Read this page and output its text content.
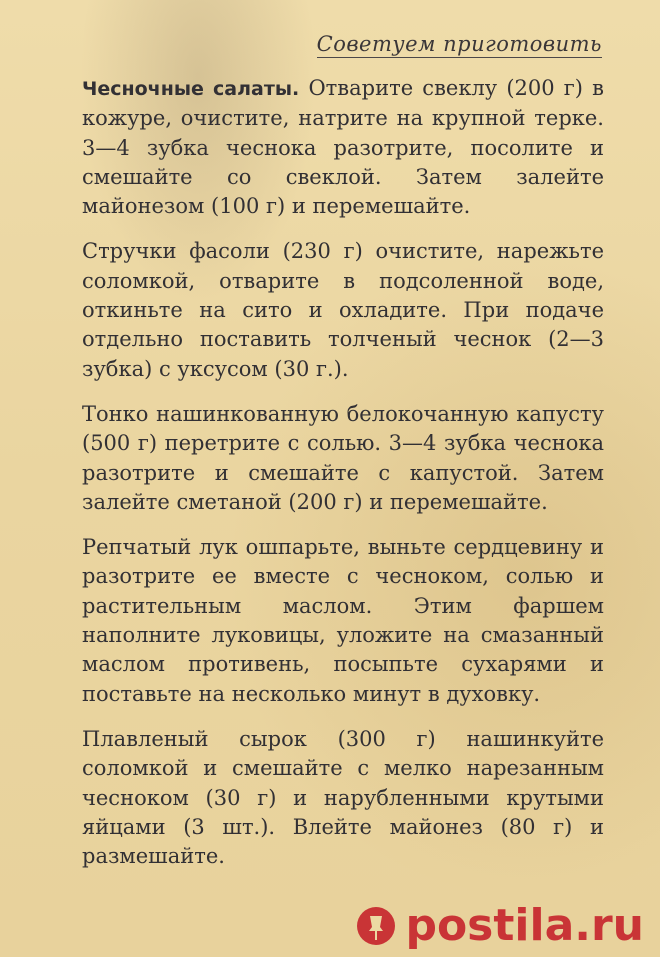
Советуем приготовить

Чесночные салаты. Отварите свеклу (200 г) в кожуре, очистите, натрите на крупной терке. 3—4 зубка чеснока разотрите, посолите и смешайте со свеклой. Затем залейте майонезом (100 г) и перемешайте.

Стручки фасоли (230 г) очистите, нарежьте соломкой, отварите в подсоленной воде, откиньте на сито и охладите. При подаче отдельно поставить толченый чеснок (2—3 зубка) с уксусом (30 г.).

Тонко нашинкованную белокочанную капусту (500 г) перетрите с солью. 3—4 зубка чеснока разотрите и смешайте с капустой. Затем залейте сметаной (200 г) и перемешайте.

Репчатый лук ошпарьте, выньте сердцевину и разотрите ее вместе с чесноком, солью и растительным маслом. Этим фаршем наполните луковицы, уложите на смазанный маслом противень, посыпьте сухарями и поставьте на несколько минут в духовку.

Плавленый сырок (300 г) нашинкуйте соломкой и смешайте с мелко нарезанным чесноком (30 г) и нарубленными крутыми яйцами (3 шт.). Влейте майонез (80 г) и размешайте.

postila.ru
